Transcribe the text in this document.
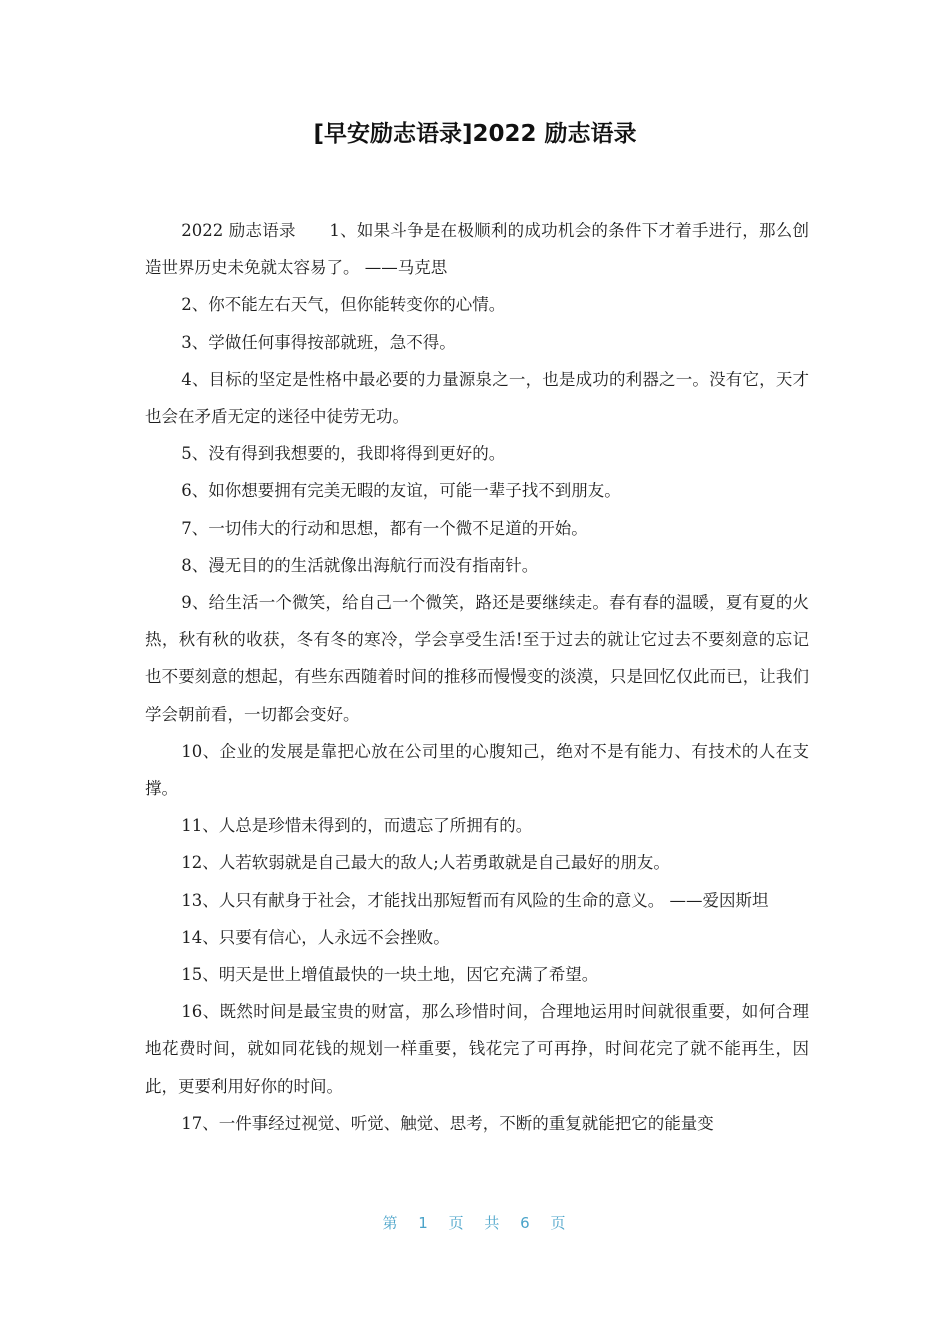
[早安励志语录]2022 励志语录

2022 励志语录　　1、如果斗争是在极顺利的成功机会的条件下才着手进行，那么创造世界历史未免就太容易了。 ——马克思

2、你不能左右天气，但你能转变你的心情。

3、学做任何事得按部就班，急不得。

4、目标的坚定是性格中最必要的力量源泉之一，也是成功的利器之一。没有它，天才也会在矛盾无定的迷径中徒劳无功。

5、没有得到我想要的，我即将得到更好的。

6、如你想要拥有完美无暇的友谊，可能一辈子找不到朋友。

7、一切伟大的行动和思想，都有一个微不足道的开始。

8、漫无目的的生活就像出海航行而没有指南针。

9、给生活一个微笑，给自己一个微笑，路还是要继续走。春有春的温暖，夏有夏的火热，秋有秋的收获，冬有冬的寒冷，学会享受生活!至于过去的就让它过去不要刻意的忘记也不要刻意的想起，有些东西随着时间的推移而慢慢变的淡漠，只是回忆仅此而已，让我们学会朝前看，一切都会变好。

10、企业的发展是靠把心放在公司里的心腹知己，绝对不是有能力、有技术的人在支撑。

11、人总是珍惜未得到的，而遗忘了所拥有的。

12、人若软弱就是自己最大的敌人;人若勇敢就是自己最好的朋友。

13、人只有献身于社会，才能找出那短暂而有风险的生命的意义。 ——爱因斯坦

14、只要有信心，人永远不会挫败。

15、明天是世上增值最快的一块土地，因它充满了希望。

16、既然时间是最宝贵的财富，那么珍惜时间，合理地运用时间就很重要，如何合理地花费时间，就如同花钱的规划一样重要，钱花完了可再挣，时间花完了就不能再生，因此，更要利用好你的时间。

17、一件事经过视觉、听觉、触觉、思考，不断的重复就能把它的能量变

第 1 页 共 6 页
